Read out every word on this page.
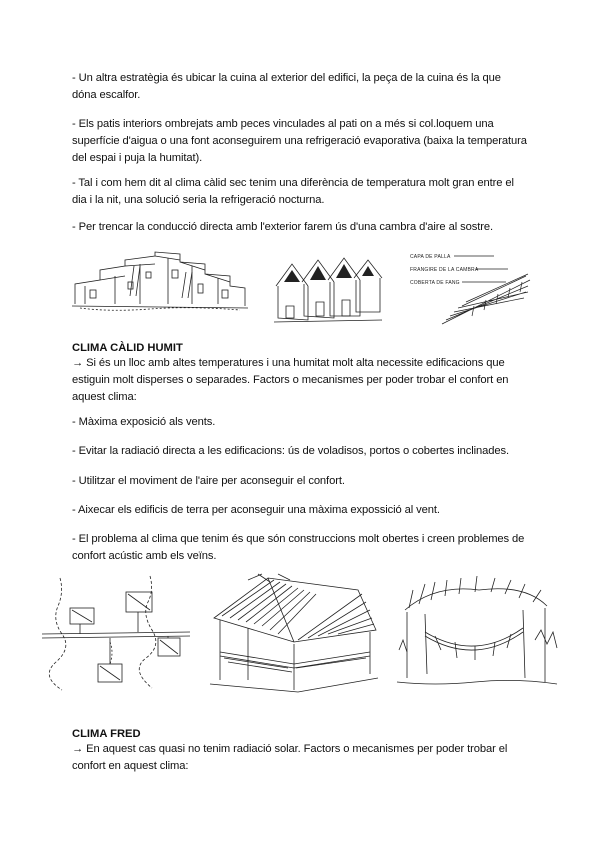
- Un altra estratègia és ubicar la cuina al exterior del edifici, la peça de la cuina és la que dóna escalfor.

- Els patis interiors ombrejats amb peces vinculades al pati on a més si col.loquem una superfície d'aigua o una font aconseguirem una refrigeració evaporativa (baixa la temperatura del espai i puja la humitat).

- Tal i com hem dit al clima càlid sec tenim una diferència de temperatura molt gran entre el dia i la nit, una solució seria la refrigeració nocturna.

- Per trencar la conducció directa amb l'exterior farem ús d'una cambra d'aire al sostre.

CAPA DE PALLA
FRANGIRE DE LA CAMBRA
COBERTA DE FANG

CLIMA CÀLID HUMIT

→ Si és un lloc amb altes temperatures i una humitat molt alta necessite edificacions que estiguin molt disperses o separades. Factors o mecanismes per poder trobar el confort en aquest clima:

- Màxima exposició als vents.

- Evitar la radiació directa a les edificacions: ús de voladisos, portos o cobertes inclinades.

- Utilitzar el moviment de l'aire per aconseguir el confort.

- Aixecar els edificis de terra per aconseguir una màxima expossició al vent.

- El problema al clima que tenim és que són construccions molt obertes i creen problemes de confort acústic amb els veïns.

CLIMA FRED

→ En aquest cas quasi no tenim radiació solar. Factors o mecanismes per poder trobar el confort en aquest clima:
